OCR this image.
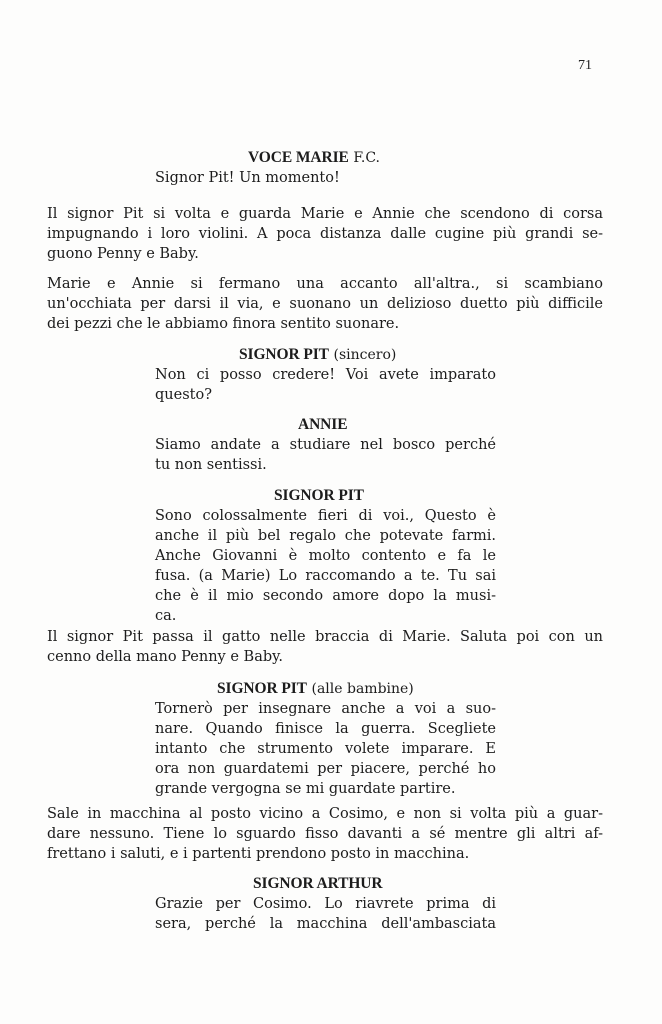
71
VOCE MARIE F.C.
Signor Pit! Un momento!
Il signor Pit si volta e guarda Marie e Annie che scendono di corsa
impugnando i loro violini. A poca distanza dalle cugine più grandi se-
guono Penny e Baby.
Marie e Annie si fermano una accanto all'altra., si scambiano
un'occhiata per darsi il via, e suonano un delizioso duetto più difficile
dei pezzi che le abbiamo finora sentito suonare.
SIGNOR PIT (sincero)
Non ci posso credere! Voi avete imparato
questo?
ANNIE
Siamo andate a studiare nel bosco perché
tu non sentissi.
SIGNOR PIT
Sono colossalmente fieri di voi., Questo è
anche il più bel regalo che potevate farmi.
Anche Giovanni è molto contento e fa le
fusa. (a Marie) Lo raccomando a te. Tu sai
che è il mio secondo amore dopo la musi-
ca.
Il signor Pit passa il gatto nelle braccia di Marie. Saluta poi con un
cenno della mano Penny e Baby.
SIGNOR PIT (alle bambine)
Tornerò per insegnare anche a voi a suo-
nare. Quando finisce la guerra. Scegliete
intanto che strumento volete imparare. E
ora non guardatemi per piacere, perché ho
grande vergogna se mi guardate partire.
Sale in macchina al posto vicino a Cosimo, e non si volta più a guar-
dare nessuno. Tiene lo sguardo fisso davanti a sé mentre gli altri af-
frettano i saluti, e i partenti prendono posto in macchina.
SIGNOR ARTHUR
Grazie per Cosimo. Lo riavrete prima di
sera, perché la macchina dell'ambasciata
